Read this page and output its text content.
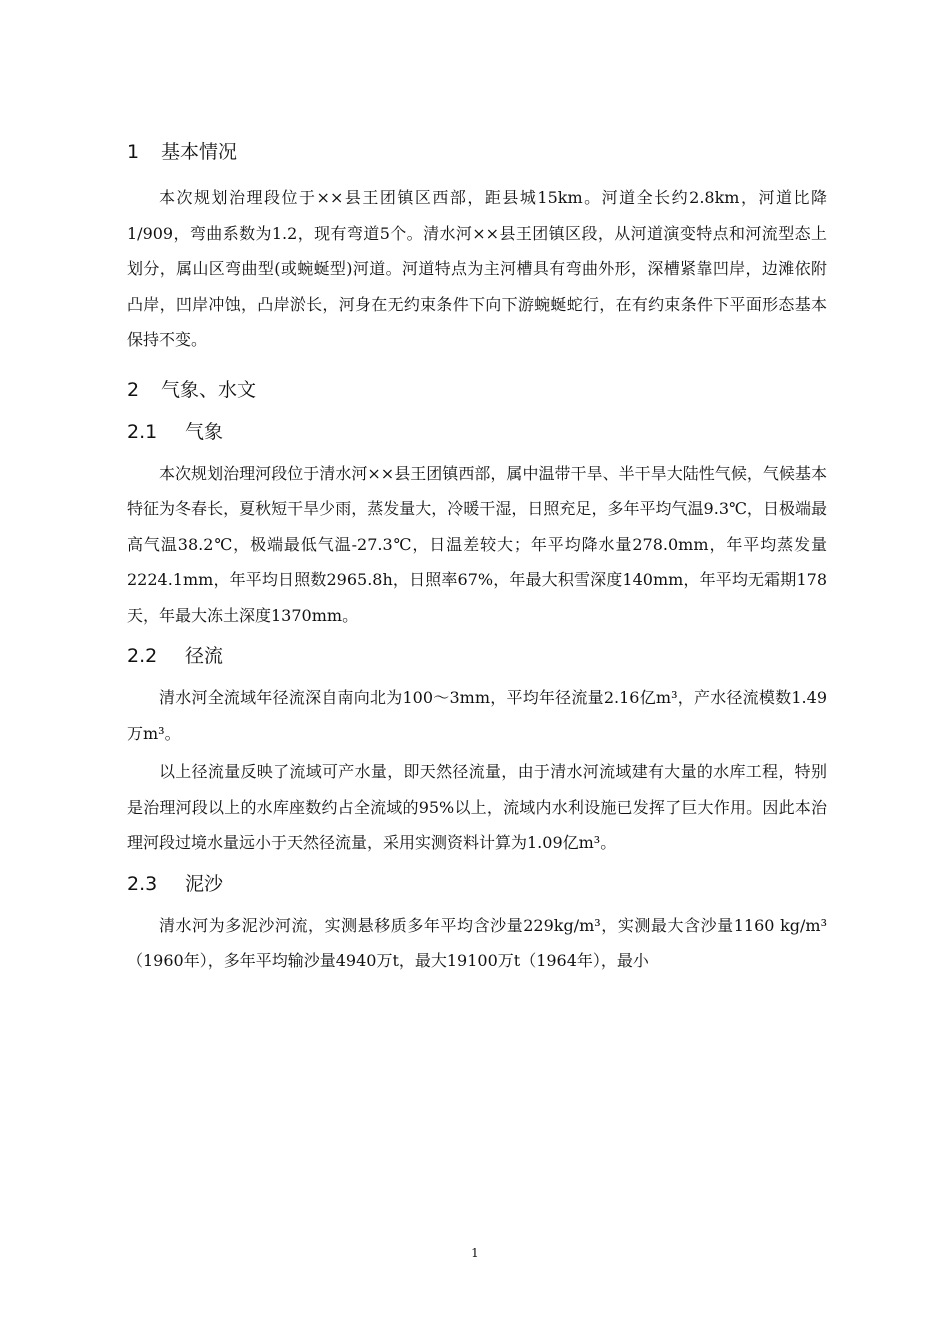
1 基本情况

本次规划治理段位于××县王团镇区西部，距县城15km。河道全长约2.8km，河道比降1/909，弯曲系数为1.2，现有弯道5个。清水河××县王团镇区段，从河道演变特点和河流型态上划分，属山区弯曲型(或蜿蜒型)河道。河道特点为主河槽具有弯曲外形，深槽紧靠凹岸，边滩依附凸岸，凹岸冲蚀，凸岸淤长，河身在无约束条件下向下游蜿蜒蛇行，在有约束条件下平面形态基本保持不变。

2 气象、水文
2.1 气象

本次规划治理河段位于清水河××县王团镇西部，属中温带干旱、半干旱大陆性气候，气候基本特征为冬春长，夏秋短干旱少雨，蒸发量大，冷暖干湿，日照充足，多年平均气温9.3℃，日极端最高气温38.2℃，极端最低气温-27.3℃，日温差较大；年平均降水量278.0mm，年平均蒸发量2224.1mm，年平均日照数2965.8h，日照率67%，年最大积雪深度140mm，年平均无霜期178天，年最大冻土深度1370mm。

2.2 径流

清水河全流域年径流深自南向北为100～3mm，平均年径流量2.16亿m³，产水径流模数1.49万m³。

以上径流量反映了流域可产水量，即天然径流量，由于清水河流域建有大量的水库工程，特别是治理河段以上的水库座数约占全流域的95%以上，流域内水利设施已发挥了巨大作用。因此本治理河段过境水量远小于天然径流量，采用实测资料计算为1.09亿m³。

2.3 泥沙

清水河为多泥沙河流，实测悬移质多年平均含沙量229kg/m³，实测最大含沙量1160 kg/m³（1960年），多年平均输沙量4940万t，最大19100万t（1964年），最小

1
